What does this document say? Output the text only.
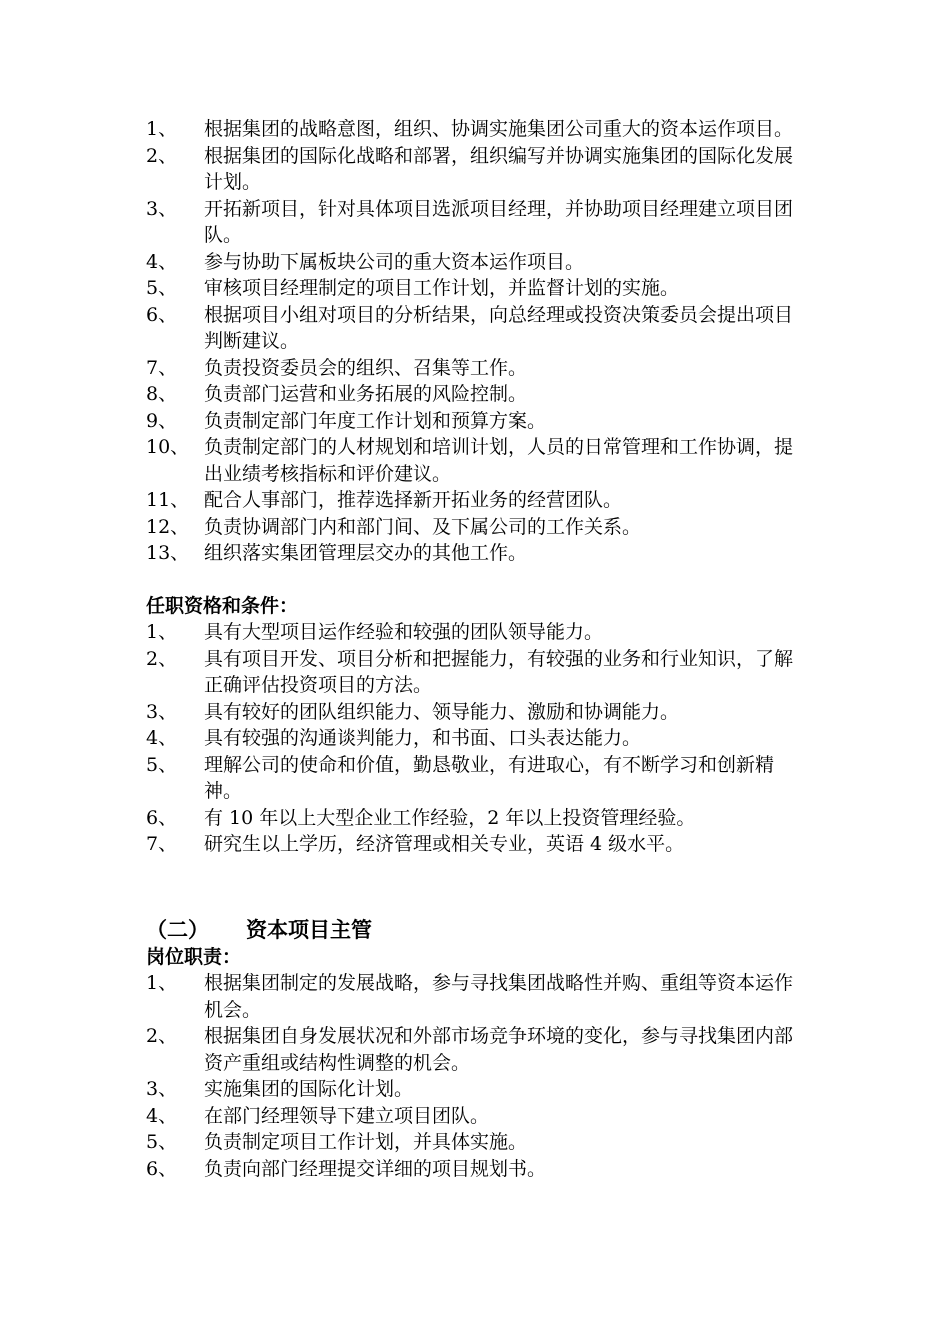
1、	根据集团的战略意图，组织、协调实施集团公司重大的资本运作项目。
2、	根据集团的国际化战略和部署，组织编写并协调实施集团的国际化发展计划。
3、	开拓新项目，针对具体项目选派项目经理，并协助项目经理建立项目团队。
4、	参与协助下属板块公司的重大资本运作项目。
5、	审核项目经理制定的项目工作计划，并监督计划的实施。
6、	根据项目小组对项目的分析结果，向总经理或投资决策委员会提出项目判断建议。
7、	负责投资委员会的组织、召集等工作。
8、	负责部门运营和业务拓展的风险控制。
9、	负责制定部门年度工作计划和预算方案。
10、 负责制定部门的人材规划和培训计划，人员的日常管理和工作协调，提出业绩考核指标和评价建议。
11、 配合人事部门，推荐选择新开拓业务的经营团队。
12、 负责协调部门内和部门间、及下属公司的工作关系。
13、 组织落实集团管理层交办的其他工作。
任职资格和条件：
1、	具有大型项目运作经验和较强的团队领导能力。
2、	具有项目开发、项目分析和把握能力，有较强的业务和行业知识，了解正确评估投资项目的方法。
3、	具有较好的团队组织能力、领导能力、激励和协调能力。
4、	具有较强的沟通谈判能力，和书面、口头表达能力。
5、	理解公司的使命和价值，勤恳敬业，有进取心，有不断学习和创新精神。
6、	有 10 年以上大型企业工作经验，2 年以上投资管理经验。
7、	研究生以上学历，经济管理或相关专业，英语 4 级水平。
（二）	资本项目主管
岗位职责：
1、	根据集团制定的发展战略，参与寻找集团战略性并购、重组等资本运作机会。
2、	根据集团自身发展状况和外部市场竞争环境的变化，参与寻找集团内部资产重组或结构性调整的机会。
3、	实施集团的国际化计划。
4、	在部门经理领导下建立项目团队。
5、	负责制定项目工作计划，并具体实施。
6、	负责向部门经理提交详细的项目规划书。
